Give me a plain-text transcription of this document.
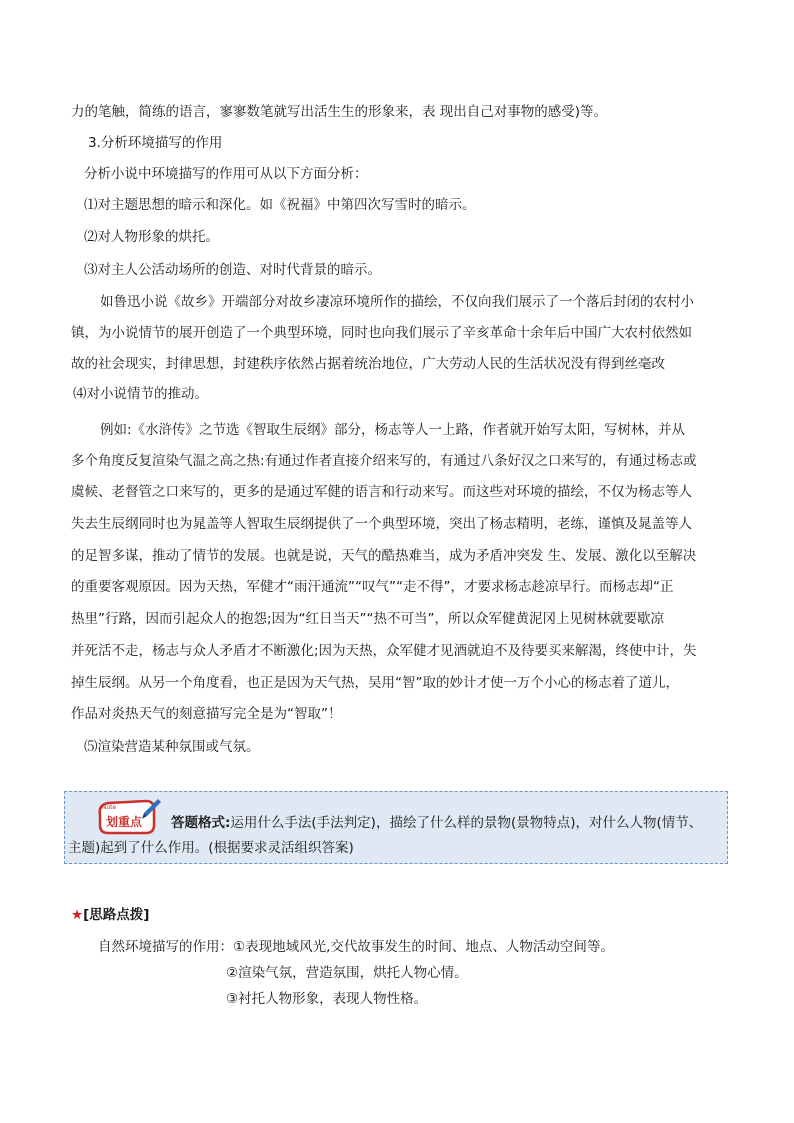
力的笔触，简练的语言，寥寥数笔就写出活生生的形象来，表 现出自己对事物的感受)等。
3.分析环境描写的作用
分析小说中环境描写的作用可从以下方面分析：
⑴对主题思想的暗示和深化。如《祝福》中第四次写雪时的暗示。
⑵对人物形象的烘托。
⑶对主人公活动场所的创造、对时代背景的暗示。
如鲁迅小说《故乡》开端部分对故乡凄凉环境所作的描绘，不仅向我们展示了一个落后封闭的农村小
镇，为小说情节的展开创造了一个典型环境，同时也向我们展示了辛亥革命十余年后中国广大农村依然如
故的社会现实，封律思想，封建秩序依然占据着统治地位，广大劳动人民的生活状况没有得到丝毫改
⑷对小说情节的推动。
例如:《水浒传》之节选《智取生辰纲》部分，杨志等人一上路，作者就开始写太阳，写树林，并从
多个角度反复渲染气温之高之热:有通过作者直接介绍来写的，有通过八条好汉之口来写的，有通过杨志或
虞候、老督管之口来写的，更多的是通过军健的语言和行动来写。而这些对环境的描绘，不仅为杨志等人
失去生辰纲同时也为晁盖等人智取生辰纲提供了一个典型环境，突出了杨志精明，老练，谨慎及晁盖等人
的足智多谋，推动了情节的发展。也就是说，天气的酷热难当，成为矛盾冲突发 生、发展、激化以至解决
的重要客观原因。因为天热，军健才“雨汗通流”“叹气”“走不得”，才要求杨志趁凉早行。而杨志却“正
热里”行路，因而引起众人的抱怨;因为“红日当天”“热不可当”，所以众军健黄泥冈上见树林就要歇凉
并死活不走，杨志与众人矛盾才不断激化;因为天热，众军健才见酒就迫不及待要买来解渴，终使中计，失
掉生辰纲。从另一个角度看，也正是因为天气热，吴用“智”取的妙计才使一万个小心的杨志着了道儿，
作品对炎热天气的刻意描写完全是为“智取”！
⑸渲染营造某种氛围或气氛。
Note
划重点 答题格式:运用什么手法(手法判定)，描绘了什么样的景物(景物特点)，对什么人物(情节、
主题)起到了什么作用。(根据要求灵活组织答案)
★[思路点拨]
自然环境描写的作用：①表现地域风光,交代故事发生的时间、地点、人物活动空间等。
②渲染气氛，营造氛围，烘托人物心情。
③衬托人物形象，表现人物性格。
